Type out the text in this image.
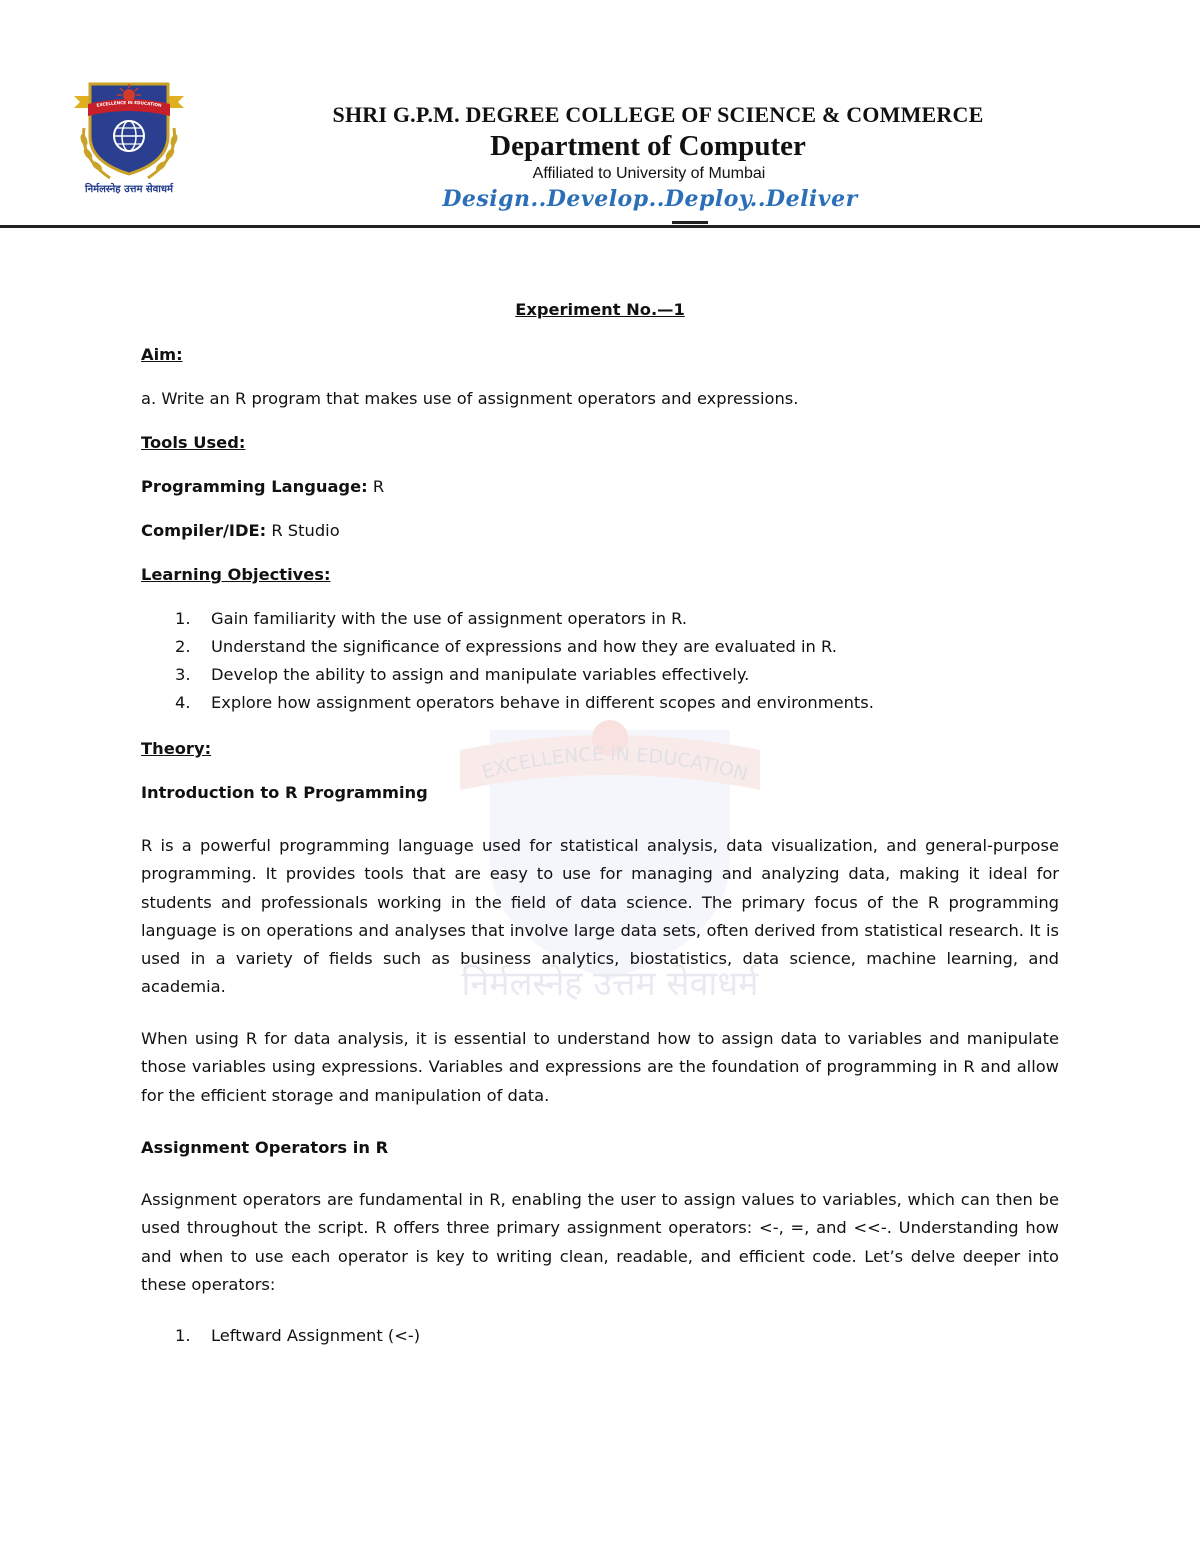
निर्मलस्नेह उत्तम सेवाधर्म
EXCELLENCE IN EDUCATION	SHRI G.P.M. DEGREE COLLEGE OF SCIENCE & COMMERCE
Department of Computer
Affiliated to University of Mumbai
Design..Develop..Deploy..Deliver
EXCELLENCE IN EDUCATION
निर्मलस्नेह उत्तम सेवाधर्म
Experiment No.—1
Aim:
a. Write an R program that makes use of assignment operators and expressions.
Tools Used:
Programming Language: R
Compiler/IDE: R Studio
Learning Objectives:
1. Gain familiarity with the use of assignment operators in R.
2. Understand the significance of expressions and how they are evaluated in R.
3. Develop the ability to assign and manipulate variables effectively.
4. Explore how assignment operators behave in different scopes and environments.
Theory:
Introduction to R Programming
R is a powerful programming language used for statistical analysis, data visualization, and general-purpose programming. It provides tools that are easy to use for managing and analyzing data, making it ideal for students and professionals working in the field of data science. The primary focus of the R programming language is on operations and analyses that involve large data sets, often derived from statistical research. It is used in a variety of fields such as business analytics, biostatistics, data science, machine learning, and academia.
When using R for data analysis, it is essential to understand how to assign data to variables and manipulate those variables using expressions. Variables and expressions are the foundation of programming in R and allow for the efficient storage and manipulation of data.
Assignment Operators in R
Assignment operators are fundamental in R, enabling the user to assign values to variables, which can then be used throughout the script. R offers three primary assignment operators: <-, =, and <<-. Understanding how and when to use each operator is key to writing clean, readable, and efficient code. Let’s delve deeper into these operators:
1. Leftward Assignment (<-)
